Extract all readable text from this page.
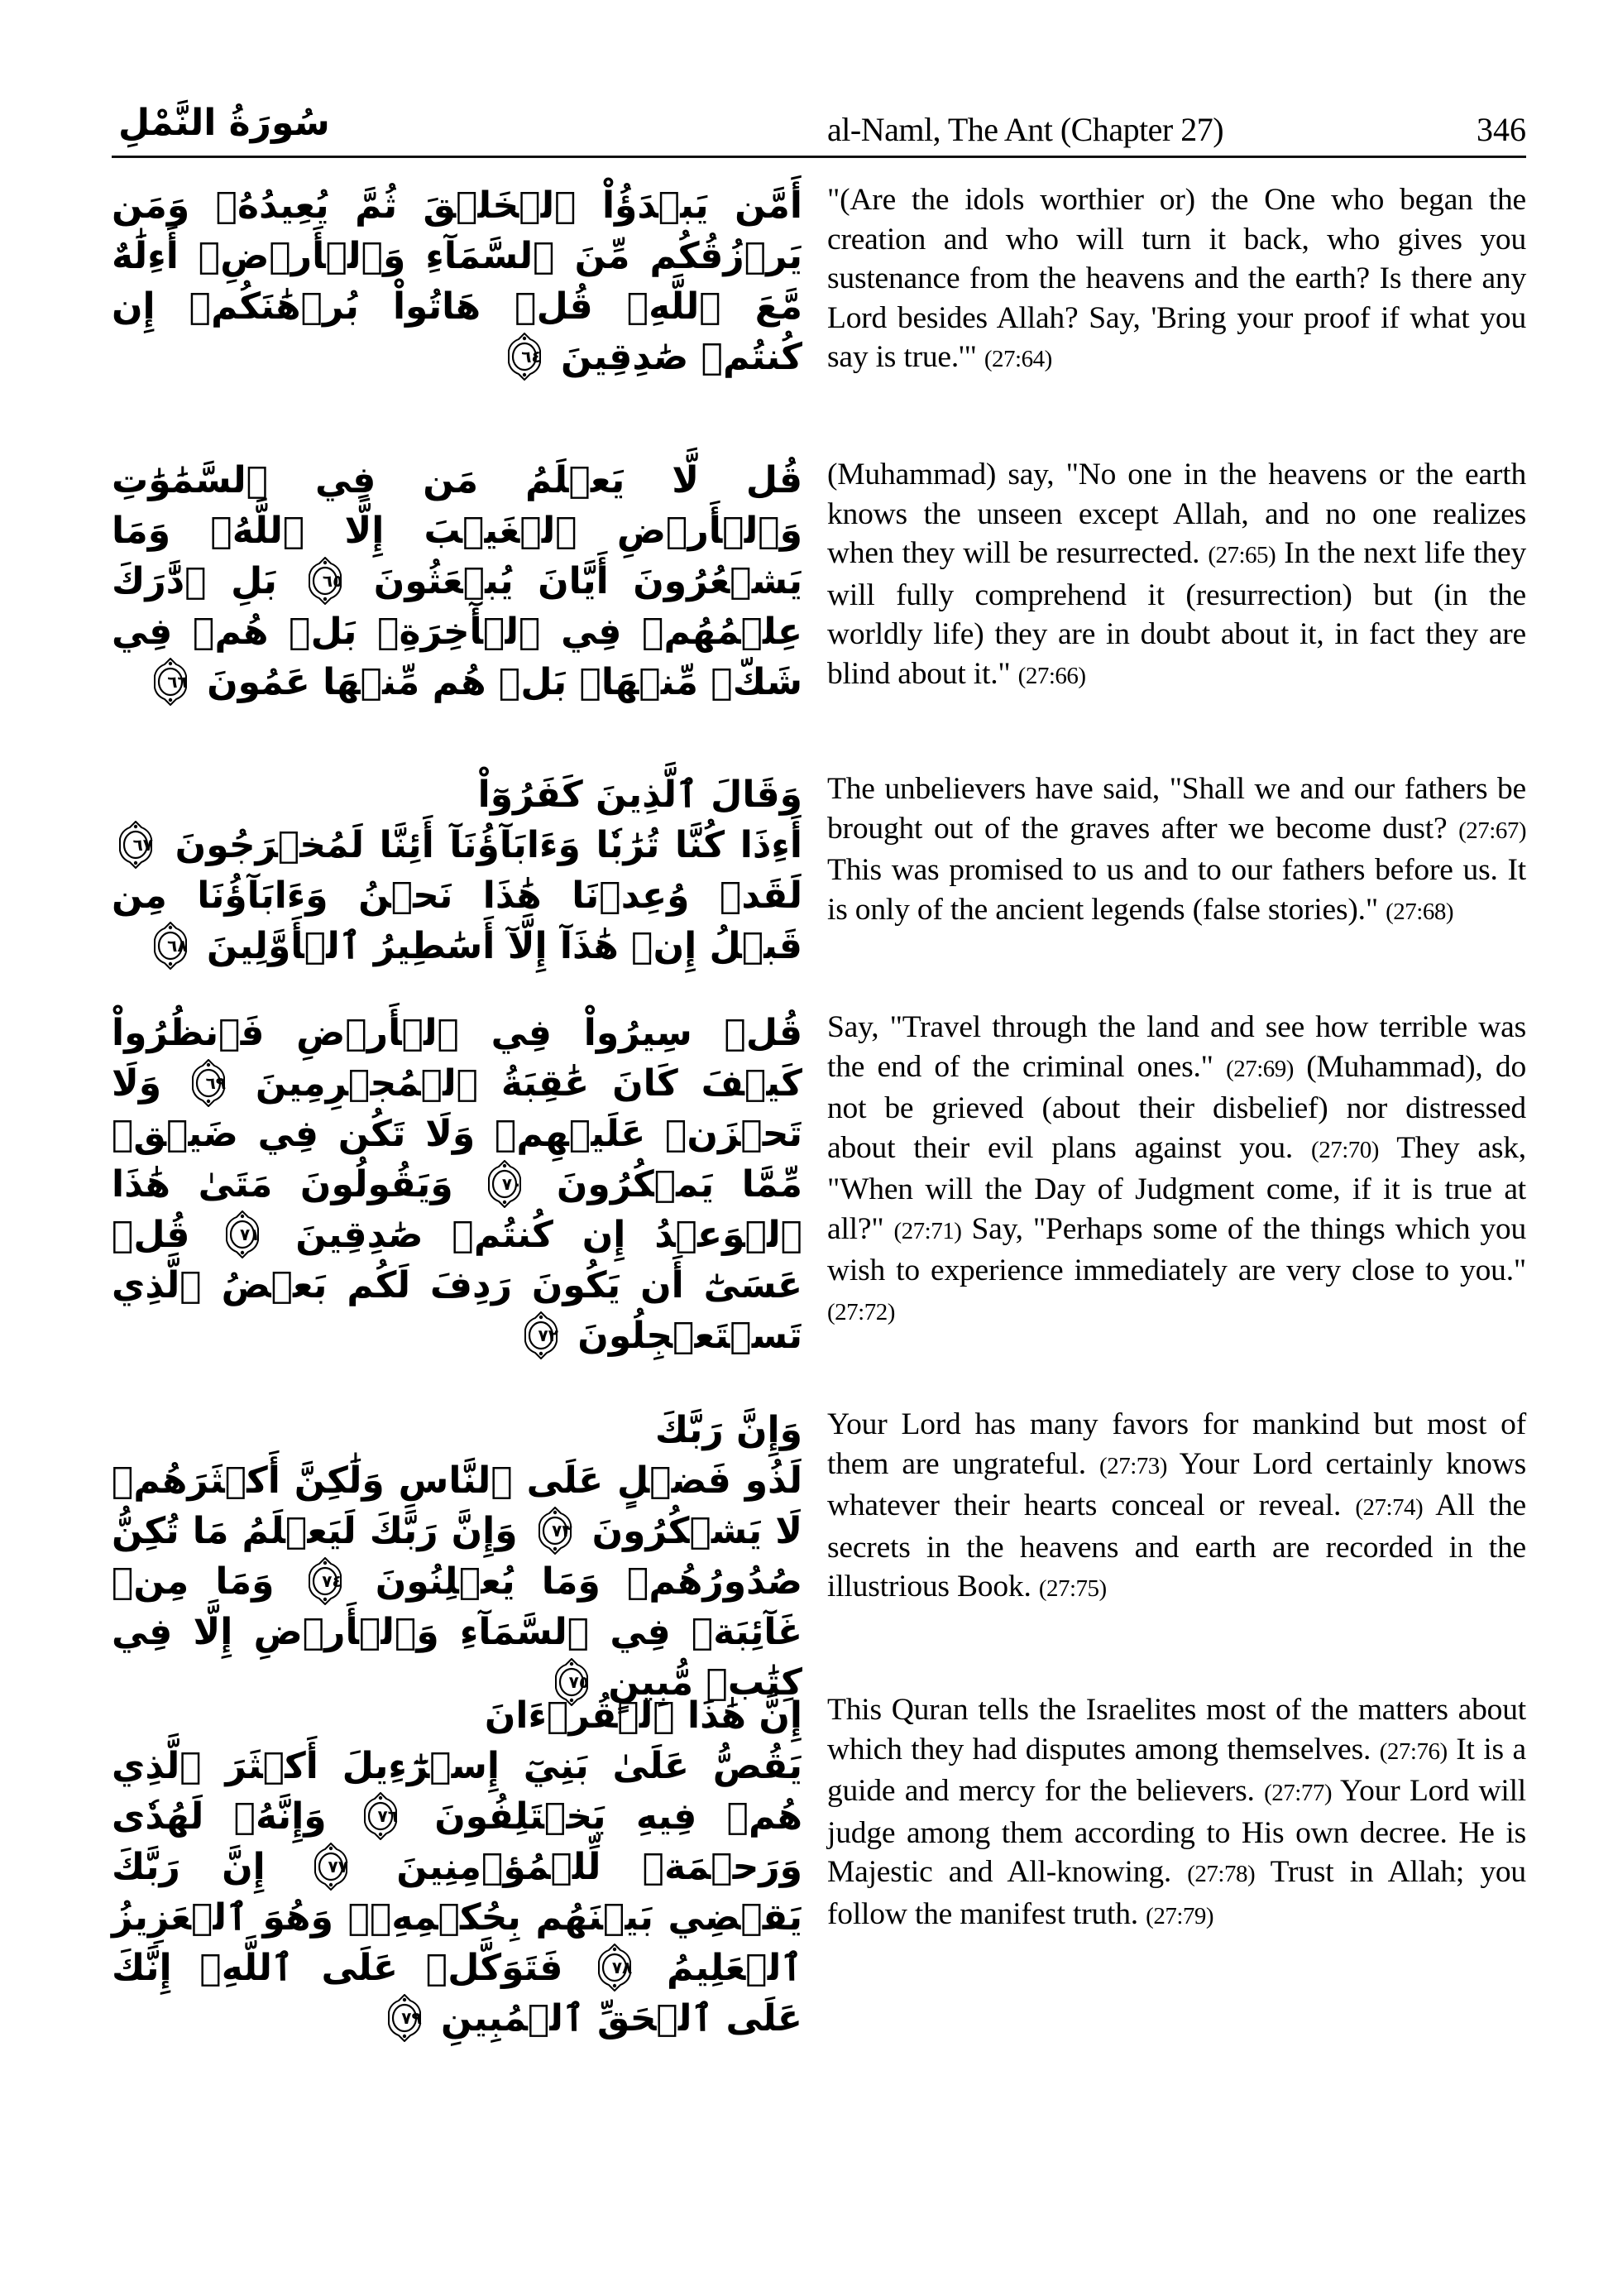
سُورَةُ النَّمْلِ	al-Naml, The Ant (Chapter 27)	346
أَمَّن يَبۡدَؤُاْ ٱلۡخَلۡقَ ثُمَّ يُعِيدُهُۥ وَمَن يَرۡزُقُكُم مِّنَ ٱلسَّمَآءِ وَٱلۡأَرۡضِۗ أَءِلَٰهٌ مَّعَ ٱللَّهِۚ قُلۡ هَاتُواْ بُرۡهَٰنَكُمۡ إِن كُنتُمۡ صَٰدِقِينَ
٦٤
"(Are the idols worthier or) the One who began the creation and who will turn it back, who gives you sustenance from the heavens and the earth? Is there any Lord besides Allah? Say, 'Bring your proof if what you say is true.'" (27:64)
قُل لَّا يَعۡلَمُ مَن فِي ٱلسَّمَٰوَٰتِ وَٱلۡأَرۡضِ ٱلۡغَيۡبَ إِلَّا ٱللَّهُۚ وَمَا يَشۡعُرُونَ أَيَّانَ يُبۡعَثُونَ
٦٥
بَلِ ٱدَّٰرَكَ عِلۡمُهُمۡ فِي ٱلۡأٓخِرَةِۚ بَلۡ هُمۡ فِي شَكّٖ مِّنۡهَاۖ بَلۡ هُم مِّنۡهَا عَمُونَ
٦٦
(Muhammad) say, "No one in the heavens or the earth knows the unseen except Allah, and no one realizes when they will be resurrected. (27:65) In the next life they will fully comprehend it (resurrection) but (in the worldly life) they are in doubt about it, in fact they are blind about it." (27:66)
وَقَالَ ٱلَّذِينَ كَفَرُوٓاْ
أَءِذَا كُنَّا تُرَٰبٗا وَءَابَآؤُنَآ أَئِنَّا لَمُخۡرَجُونَ
٦٧
لَقَدۡ وُعِدۡنَا هَٰذَا نَحۡنُ وَءَابَآؤُنَا مِن قَبۡلُ إِنۡ هَٰذَآ إِلَّآ أَسَٰطِيرُ ٱلۡأَوَّلِينَ
٦٨
The unbelievers have said, "Shall we and our fathers be brought out of the graves after we become dust? (27:67) This was promised to us and to our fathers before us. It is only of the ancient legends (false stories)." (27:68)
قُلۡ سِيرُواْ فِي ٱلۡأَرۡضِ فَٱنظُرُواْ كَيۡفَ كَانَ عَٰقِبَةُ ٱلۡمُجۡرِمِينَ
٦٩
وَلَا تَحۡزَنۡ عَلَيۡهِمۡ وَلَا تَكُن فِي ضَيۡقٖ مِّمَّا يَمۡكُرُونَ
٧٠
وَيَقُولُونَ مَتَىٰ هَٰذَا ٱلۡوَعۡدُ إِن كُنتُمۡ صَٰدِقِينَ
٧١
قُلۡ عَسَىٰٓ أَن يَكُونَ رَدِفَ لَكُم بَعۡضُ ٱلَّذِي تَسۡتَعۡجِلُونَ
٧٢
Say, "Travel through the land and see how terrible was the end of the criminal ones." (27:69) (Muhammad), do not be grieved (about their disbelief) nor distressed about their evil plans against you. (27:70) They ask, "When will the Day of Judgment come, if it is true at all?" (27:71) Say, "Perhaps some of the things which you wish to experience immediately are very close to you." (27:72)
وَإِنَّ رَبَّكَ
لَذُو فَضۡلٍ عَلَى ٱلنَّاسِ وَلَٰكِنَّ أَكۡثَرَهُمۡ لَا يَشۡكُرُونَ
٧٣
وَإِنَّ رَبَّكَ لَيَعۡلَمُ مَا تُكِنُّ صُدُورُهُمۡ وَمَا يُعۡلِنُونَ
٧٤
وَمَا مِنۡ غَآئِبَةٖ فِي ٱلسَّمَآءِ وَٱلۡأَرۡضِ إِلَّا فِي كِتَٰبٖ مُّبِينٍ
٧٥
Your Lord has many favors for mankind but most of them are ungrateful. (27:73) Your Lord certainly knows whatever their hearts conceal or reveal. (27:74) All the secrets in the heavens and earth are recorded in the illustrious Book. (27:75)
إِنَّ هَٰذَا ٱلۡقُرۡءَانَ
يَقُصُّ عَلَىٰ بَنِيٓ إِسۡرَٰٓءِيلَ أَكۡثَرَ ٱلَّذِي هُمۡ فِيهِ يَخۡتَلِفُونَ
٧٦
وَإِنَّهُۥ لَهُدٗى وَرَحۡمَةٞ لِّلۡمُؤۡمِنِينَ
٧٧
إِنَّ رَبَّكَ يَقۡضِي بَيۡنَهُم بِحُكۡمِهِۦۚ وَهُوَ ٱلۡعَزِيزُ ٱلۡعَلِيمُ
٧٨
فَتَوَكَّلۡ عَلَى ٱللَّهِۖ إِنَّكَ عَلَى ٱلۡحَقِّ ٱلۡمُبِينِ
٧٩
This Quran tells the Israelites most of the matters about which they had disputes among themselves. (27:76) It is a guide and mercy for the believers. (27:77) Your Lord will judge among them according to His own decree. He is Majestic and All-knowing. (27:78) Trust in Allah; you follow the manifest truth. (27:79)
